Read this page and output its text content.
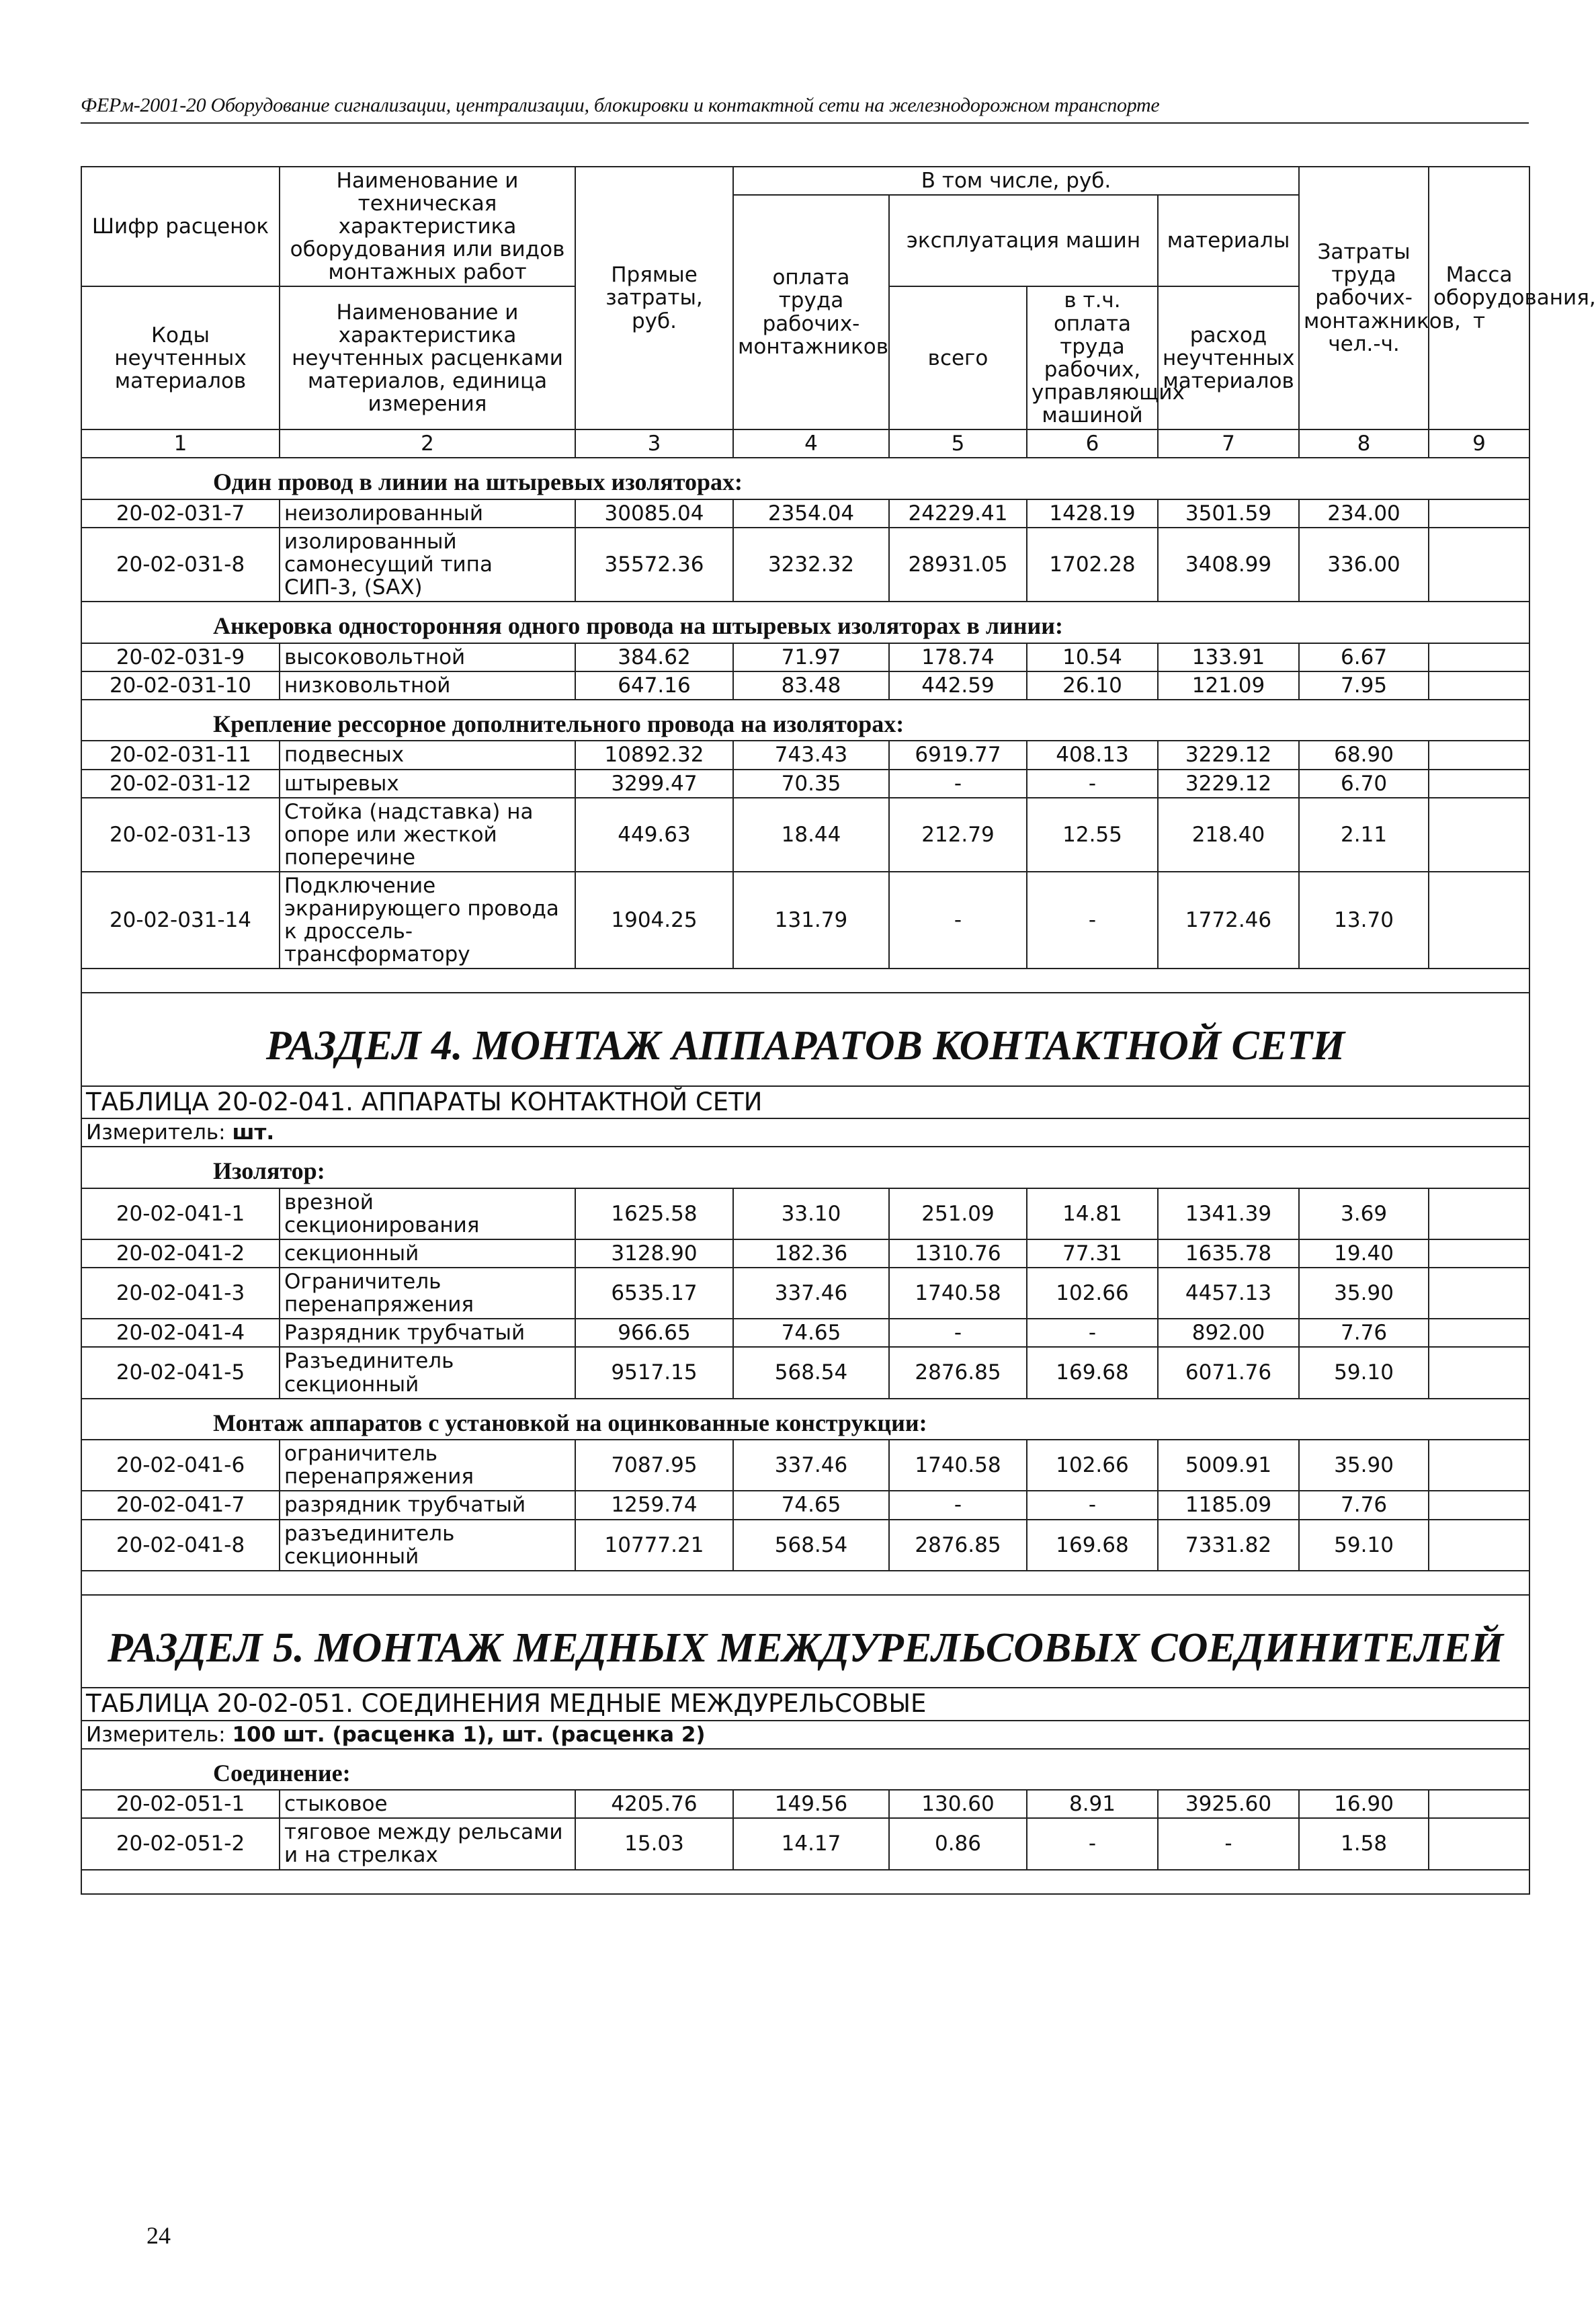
ФЕРм-2001-20 Оборудование сигнализации, централизации, блокировки и контактной сети на железнодорожном транспорте
Шифр расценок	Наименование и техническая характеристика оборудования или видов монтажных работ	Прямые затраты, руб.	В том числе, руб.				Затраты труда рабочих-монтажников, чел.-ч.	Масса оборудования, т
			оплата труда рабочих-монтажников	эксплуатация машин		материалы		
Коды неучтенных материалов	Наименование и характеристика неучтенных расценками материалов, единица измерения			всего	в т.ч. оплата труда рабочих, управляющих машиной	расход неучтенных материалов		

1	2	3	4	5	6	7	8	9
Один провод в линии на штыревых изоляторах:								
20-02-031-7	неизолированный	30085.04	2354.04	24229.41	1428.19	3501.59	234.00	
20-02-031-8	изолированный самонесущий типа СИП-3, (SAX)	35572.36	3232.32	28931.05	1702.28	3408.99	336.00	
Анкеровка односторонняя одного провода на штыревых изоляторах в линии:								
20-02-031-9	высоковольтной	384.62	71.97	178.74	10.54	133.91	6.67	
20-02-031-10	низковольтной	647.16	83.48	442.59	26.10	121.09	7.95	
Крепление рессорное дополнительного провода на изоляторах:								
20-02-031-11	подвесных	10892.32	743.43	6919.77	408.13	3229.12	68.90	
20-02-031-12	штыревых	3299.47	70.35	-	-	3229.12	6.70	
20-02-031-13	Стойка (надставка) на опоре или жесткой поперечине	449.63	18.44	212.79	12.55	218.40	2.11	
20-02-031-14	Подключение экранирующего провода к дроссель-трансформатору	1904.25	131.79	-	-	1772.46	13.70	

РАЗДЕЛ 4. МОНТАЖ АППАРАТОВ КОНТАКТНОЙ СЕТИ								
ТАБЛИЦА 20-02-041. АППАРАТЫ КОНТАКТНОЙ СЕТИ								
Измеритель: шт.								
Изолятор:								
20-02-041-1	врезной секционирования	1625.58	33.10	251.09	14.81	1341.39	3.69	
20-02-041-2	секционный	3128.90	182.36	1310.76	77.31	1635.78	19.40	
20-02-041-3	Ограничитель перенапряжения	6535.17	337.46	1740.58	102.66	4457.13	35.90	
20-02-041-4	Разрядник трубчатый	966.65	74.65	-	-	892.00	7.76	
20-02-041-5	Разъединитель секционный	9517.15	568.54	2876.85	169.68	6071.76	59.10	
Монтаж аппаратов с установкой на оцинкованные конструкции:								
20-02-041-6	ограничитель перенапряжения	7087.95	337.46	1740.58	102.66	5009.91	35.90	
20-02-041-7	разрядник трубчатый	1259.74	74.65	-	-	1185.09	7.76	
20-02-041-8	разъединитель секционный	10777.21	568.54	2876.85	169.68	7331.82	59.10	

РАЗДЕЛ 5. МОНТАЖ МЕДНЫХ МЕЖДУРЕЛЬСОВЫХ СОЕДИНИТЕЛЕЙ								
ТАБЛИЦА 20-02-051. СОЕДИНЕНИЯ МЕДНЫЕ МЕЖДУРЕЛЬСОВЫЕ								
Измеритель: 100 шт. (расценка 1), шт. (расценка 2)								
Соединение:								
20-02-051-1	стыковое	4205.76	149.56	130.60	8.91	3925.60	16.90	
20-02-051-2	тяговое между рельсами и на стрелках	15.03	14.17	0.86	-	-	1.58	

24
